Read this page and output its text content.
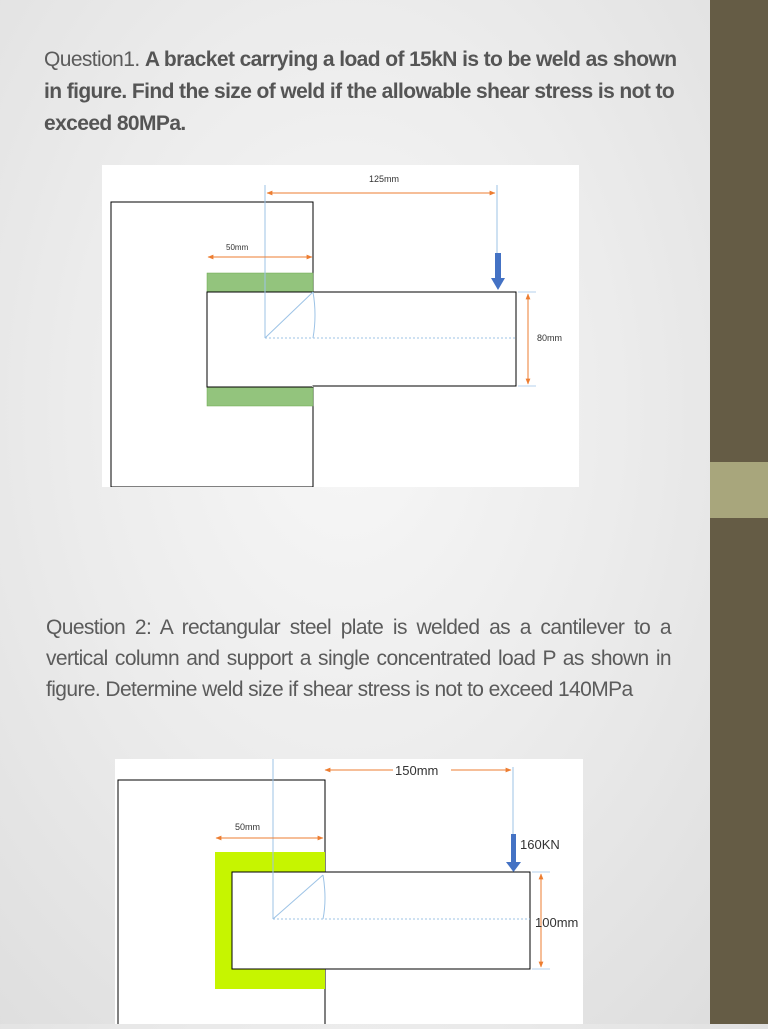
Question1. A bracket carrying a load of 15kN is to be weld as shown in figure. Find the size of weld if the allowable shear stress is not to exceed 80MPa.

125mm
50mm
80mm

Question 2: A rectangular steel plate is welded as a cantilever to a vertical column and support a single concentrated load P as shown in figure. Determine weld size if shear stress is not to exceed 140MPa

150mm
50mm
160KN
100mm
